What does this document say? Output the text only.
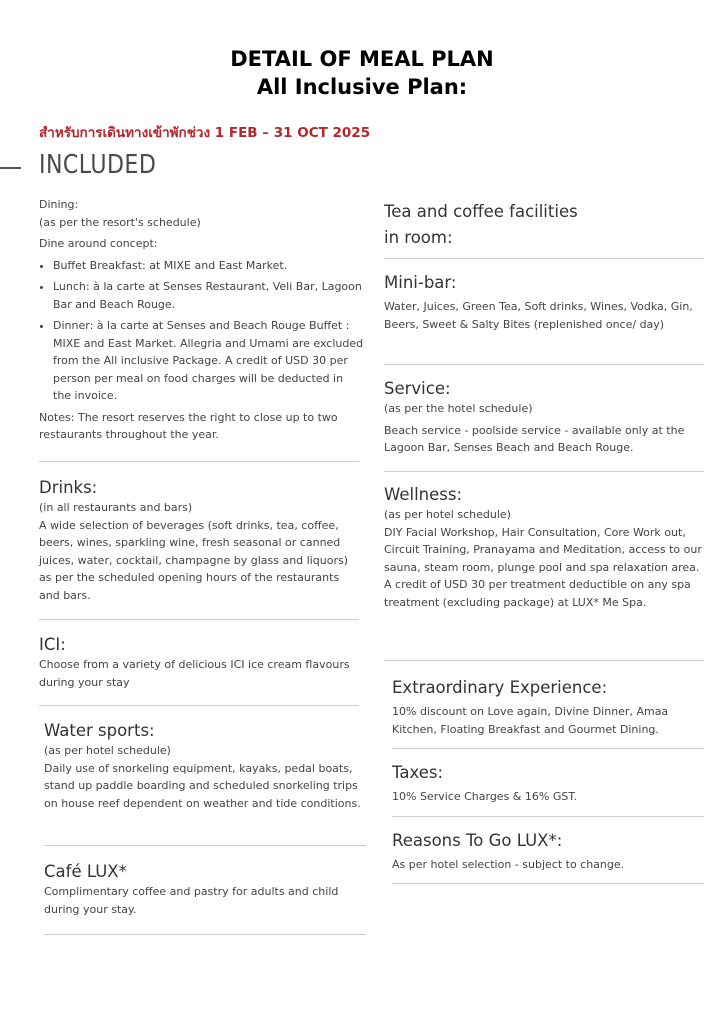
DETAIL OF MEAL PLAN
All Inclusive Plan:
สำหรับการเดินทางเข้าพักช่วง 1 FEB – 31 OCT 2025
INCLUDED

Dining:

(as per the resort's schedule)

Dine around concept:

• Buffet Breakfast: at MIXE and East Market.
• Lunch: à la carte at Senses Restaurant, Veli Bar, Lagoon Bar and Beach Rouge.
• Dinner: à la carte at Senses and Beach Rouge Buffet : MIXE and East Market. Allegria and Umami are excluded from the All inclusive Package. A credit of USD 30 per person per meal on food charges will be deducted in the invoice.

Notes: The resort reserves the right to close up to two restaurants throughout the year.

Drinks:

(in all restaurants and bars)

A wide selection of beverages (soft drinks, tea, coffee, beers, wines, sparkling wine, fresh seasonal or canned juices, water, cocktail, champagne by glass and liquors) as per the scheduled opening hours of the restaurants and bars.

ICI:

Choose from a variety of delicious ICI ice cream flavours during your stay

Water sports:

(as per hotel schedule)

Daily use of snorkeling equipment, kayaks, pedal boats, stand up paddle boarding and scheduled snorkeling trips on house reef dependent on weather and tide conditions.

Café LUX*

Complimentary coffee and pastry for adults and child during your stay.

Tea and coffee facilities in room:

Mini-bar:

Water, Juices, Green Tea, Soft drinks, Wines, Vodka, Gin, Beers, Sweet & Salty Bites (replenished once/ day)

Service:

(as per the hotel schedule)

Beach service - poolside service - available only at the Lagoon Bar, Senses Beach and Beach Rouge.

Wellness:

(as per hotel schedule)

DIY Facial Workshop, Hair Consultation, Core Work out, Circuit Training, Pranayama and Meditation, access to our sauna, steam room, plunge pool and spa relaxation area. A credit of USD 30 per treatment deductible on any spa treatment (excluding package) at LUX* Me Spa.

Extraordinary Experience:

10% discount on Love again, Divine Dinner, Amaa Kitchen, Floating Breakfast and Gourmet Dining.

Taxes:

10% Service Charges & 16% GST.

Reasons To Go LUX*:

As per hotel selection - subject to change.
